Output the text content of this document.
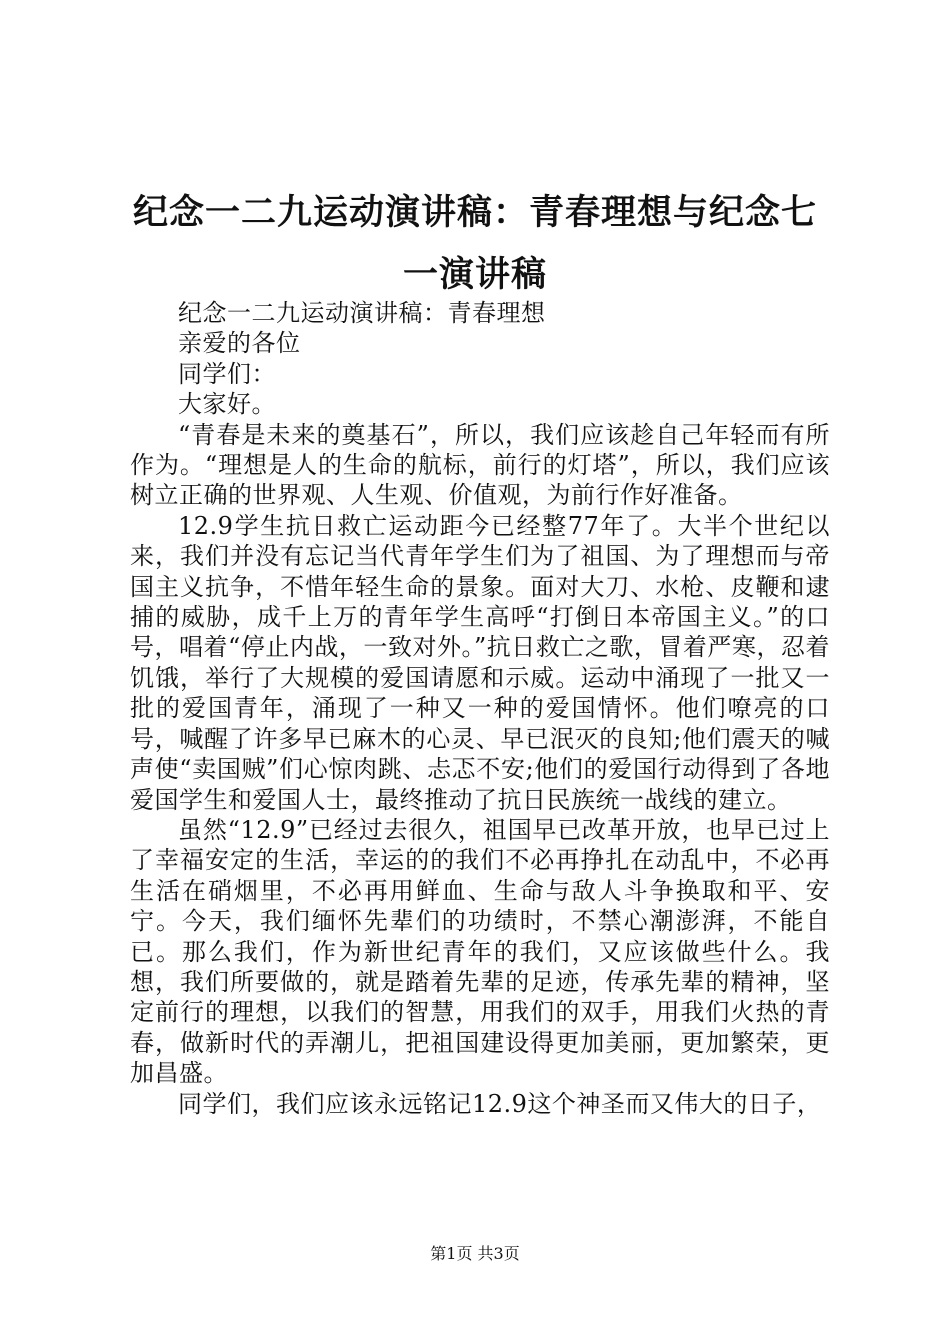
纪念一二九运动演讲稿：青春理想与纪念七一演讲稿

纪念一二九运动演讲稿：青春理想

亲爱的各位

同学们：

大家好。

“青春是未来的奠基石”，所以，我们应该趁自己年轻而有所作为。“理想是人的生命的航标，前行的灯塔”，所以，我们应该树立正确的世界观、人生观、价值观，为前行作好准备。

12.9学生抗日救亡运动距今已经整77年了。大半个世纪以来，我们并没有忘记当代青年学生们为了祖国、为了理想而与帝国主义抗争，不惜年轻生命的景象。面对大刀、水枪、皮鞭和逮捕的威胁，成千上万的青年学生高呼“打倒日本帝国主义。”的口号，唱着“停止内战，一致对外。”抗日救亡之歌，冒着严寒，忍着饥饿，举行了大规模的爱国请愿和示威。运动中涌现了一批又一批的爱国青年，涌现了一种又一种的爱国情怀。他们嘹亮的口号，喊醒了许多早已麻木的心灵、早已泯灭的良知;他们震天的喊声使“卖国贼”们心惊肉跳、忐忑不安;他们的爱国行动得到了各地爱国学生和爱国人士，最终推动了抗日民族统一战线的建立。

虽然“12.9”已经过去很久，祖国早已改革开放，也早已过上了幸福安定的生活，幸运的的我们不必再挣扎在动乱中，不必再生活在硝烟里，不必再用鲜血、生命与敌人斗争换取和平、安宁。今天，我们缅怀先辈们的功绩时，不禁心潮澎湃，不能自已。那么我们，作为新世纪青年的我们，又应该做些什么。我想，我们所要做的，就是踏着先辈的足迹，传承先辈的精神，坚定前行的理想，以我们的智慧，用我们的双手，用我们火热的青春，做新时代的弄潮儿，把祖国建设得更加美丽，更加繁荣，更加昌盛。

同学们，我们应该永远铭记12.9这个神圣而又伟大的日子，

第1页 共3页
